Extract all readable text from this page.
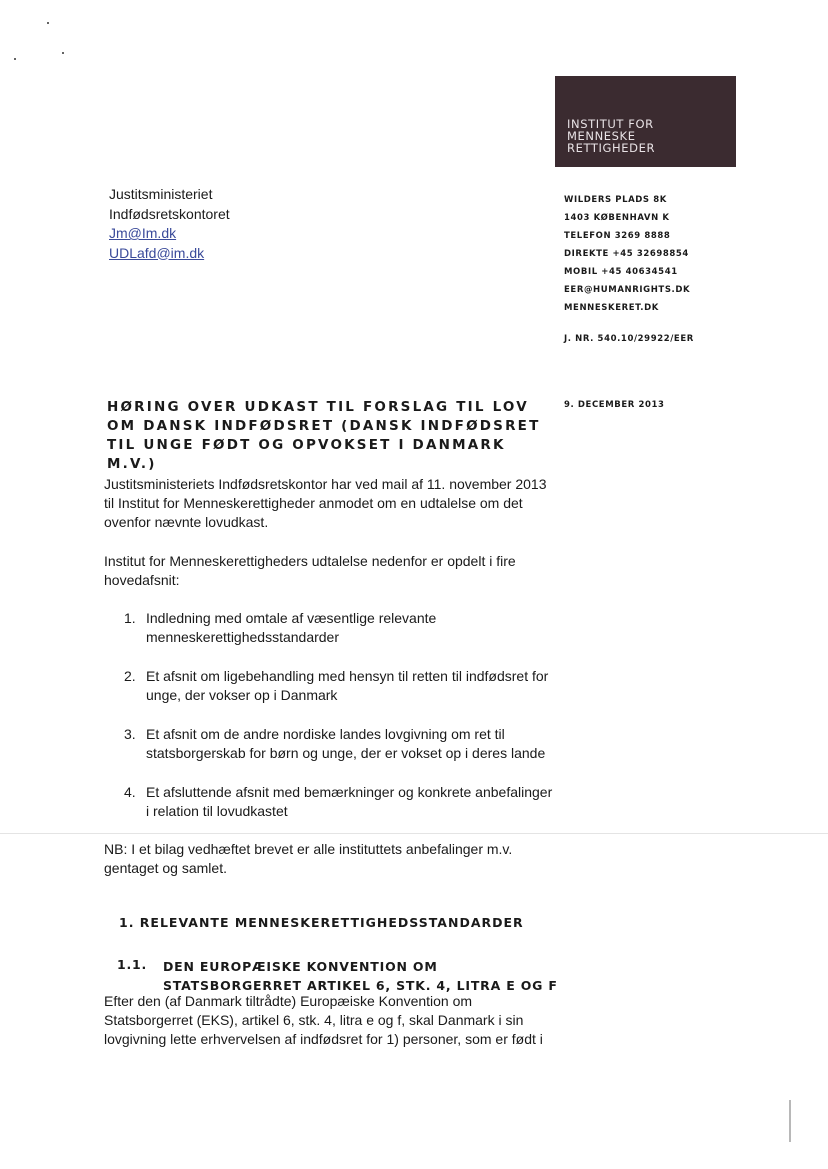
INSTITUT FOR
MENNESKE
RETTIGHEDER
Justitsministeriet
Indfødsretskontoret
Jm@Im.dk
UDLafd@im.dk
WILDERS PLADS 8K
1403 KØBENHAVN K
TELEFON 3269 8888
DIREKTE +45 32698854
MOBIL +45 40634541
EER@HUMANRIGHTS.DK
MENNESKERET.DK
J. NR. 540.10/29922/EER
9. DECEMBER 2013
HØRING OVER UDKAST TIL FORSLAG TIL LOV OM DANSK INDFØDSRET (DANSK INDFØDSRET TIL UNGE FØDT OG OPVOKSET I DANMARK M.V.)
Justitsministeriets Indfødsretskontor har ved mail af 11. november 2013 til Institut for Menneskerettigheder anmodet om en udtalelse om det ovenfor nævnte lovudkast.
Institut for Menneskerettigheders udtalelse nedenfor er opdelt i fire hovedafsnit:
1. Indledning med omtale af væsentlige relevante menneskerettighedsstandarder
2. Et afsnit om ligebehandling med hensyn til retten til indfødsret for unge, der vokser op i Danmark
3. Et afsnit om de andre nordiske landes lovgivning om ret til statsborgerskab for børn og unge, der er vokset op i deres lande
4. Et afsluttende afsnit med bemærkninger og konkrete anbefalinger i relation til lovudkastet
NB: I et bilag vedhæftet brevet er alle instituttets anbefalinger m.v. gentaget og samlet.
1. RELEVANTE MENNESKERETTIGHEDSSTANDARDER
1.1. DEN EUROPÆISKE KONVENTION OM STATSBORGERRET ARTIKEL 6, STK. 4, LITRA E OG F
Efter den (af Danmark tiltrådte) Europæiske Konvention om Statsborgerret (EKS), artikel 6, stk. 4, litra e og f, skal Danmark i sin lovgivning lette erhvervelsen af indfødsret for 1) personer, som er født i
